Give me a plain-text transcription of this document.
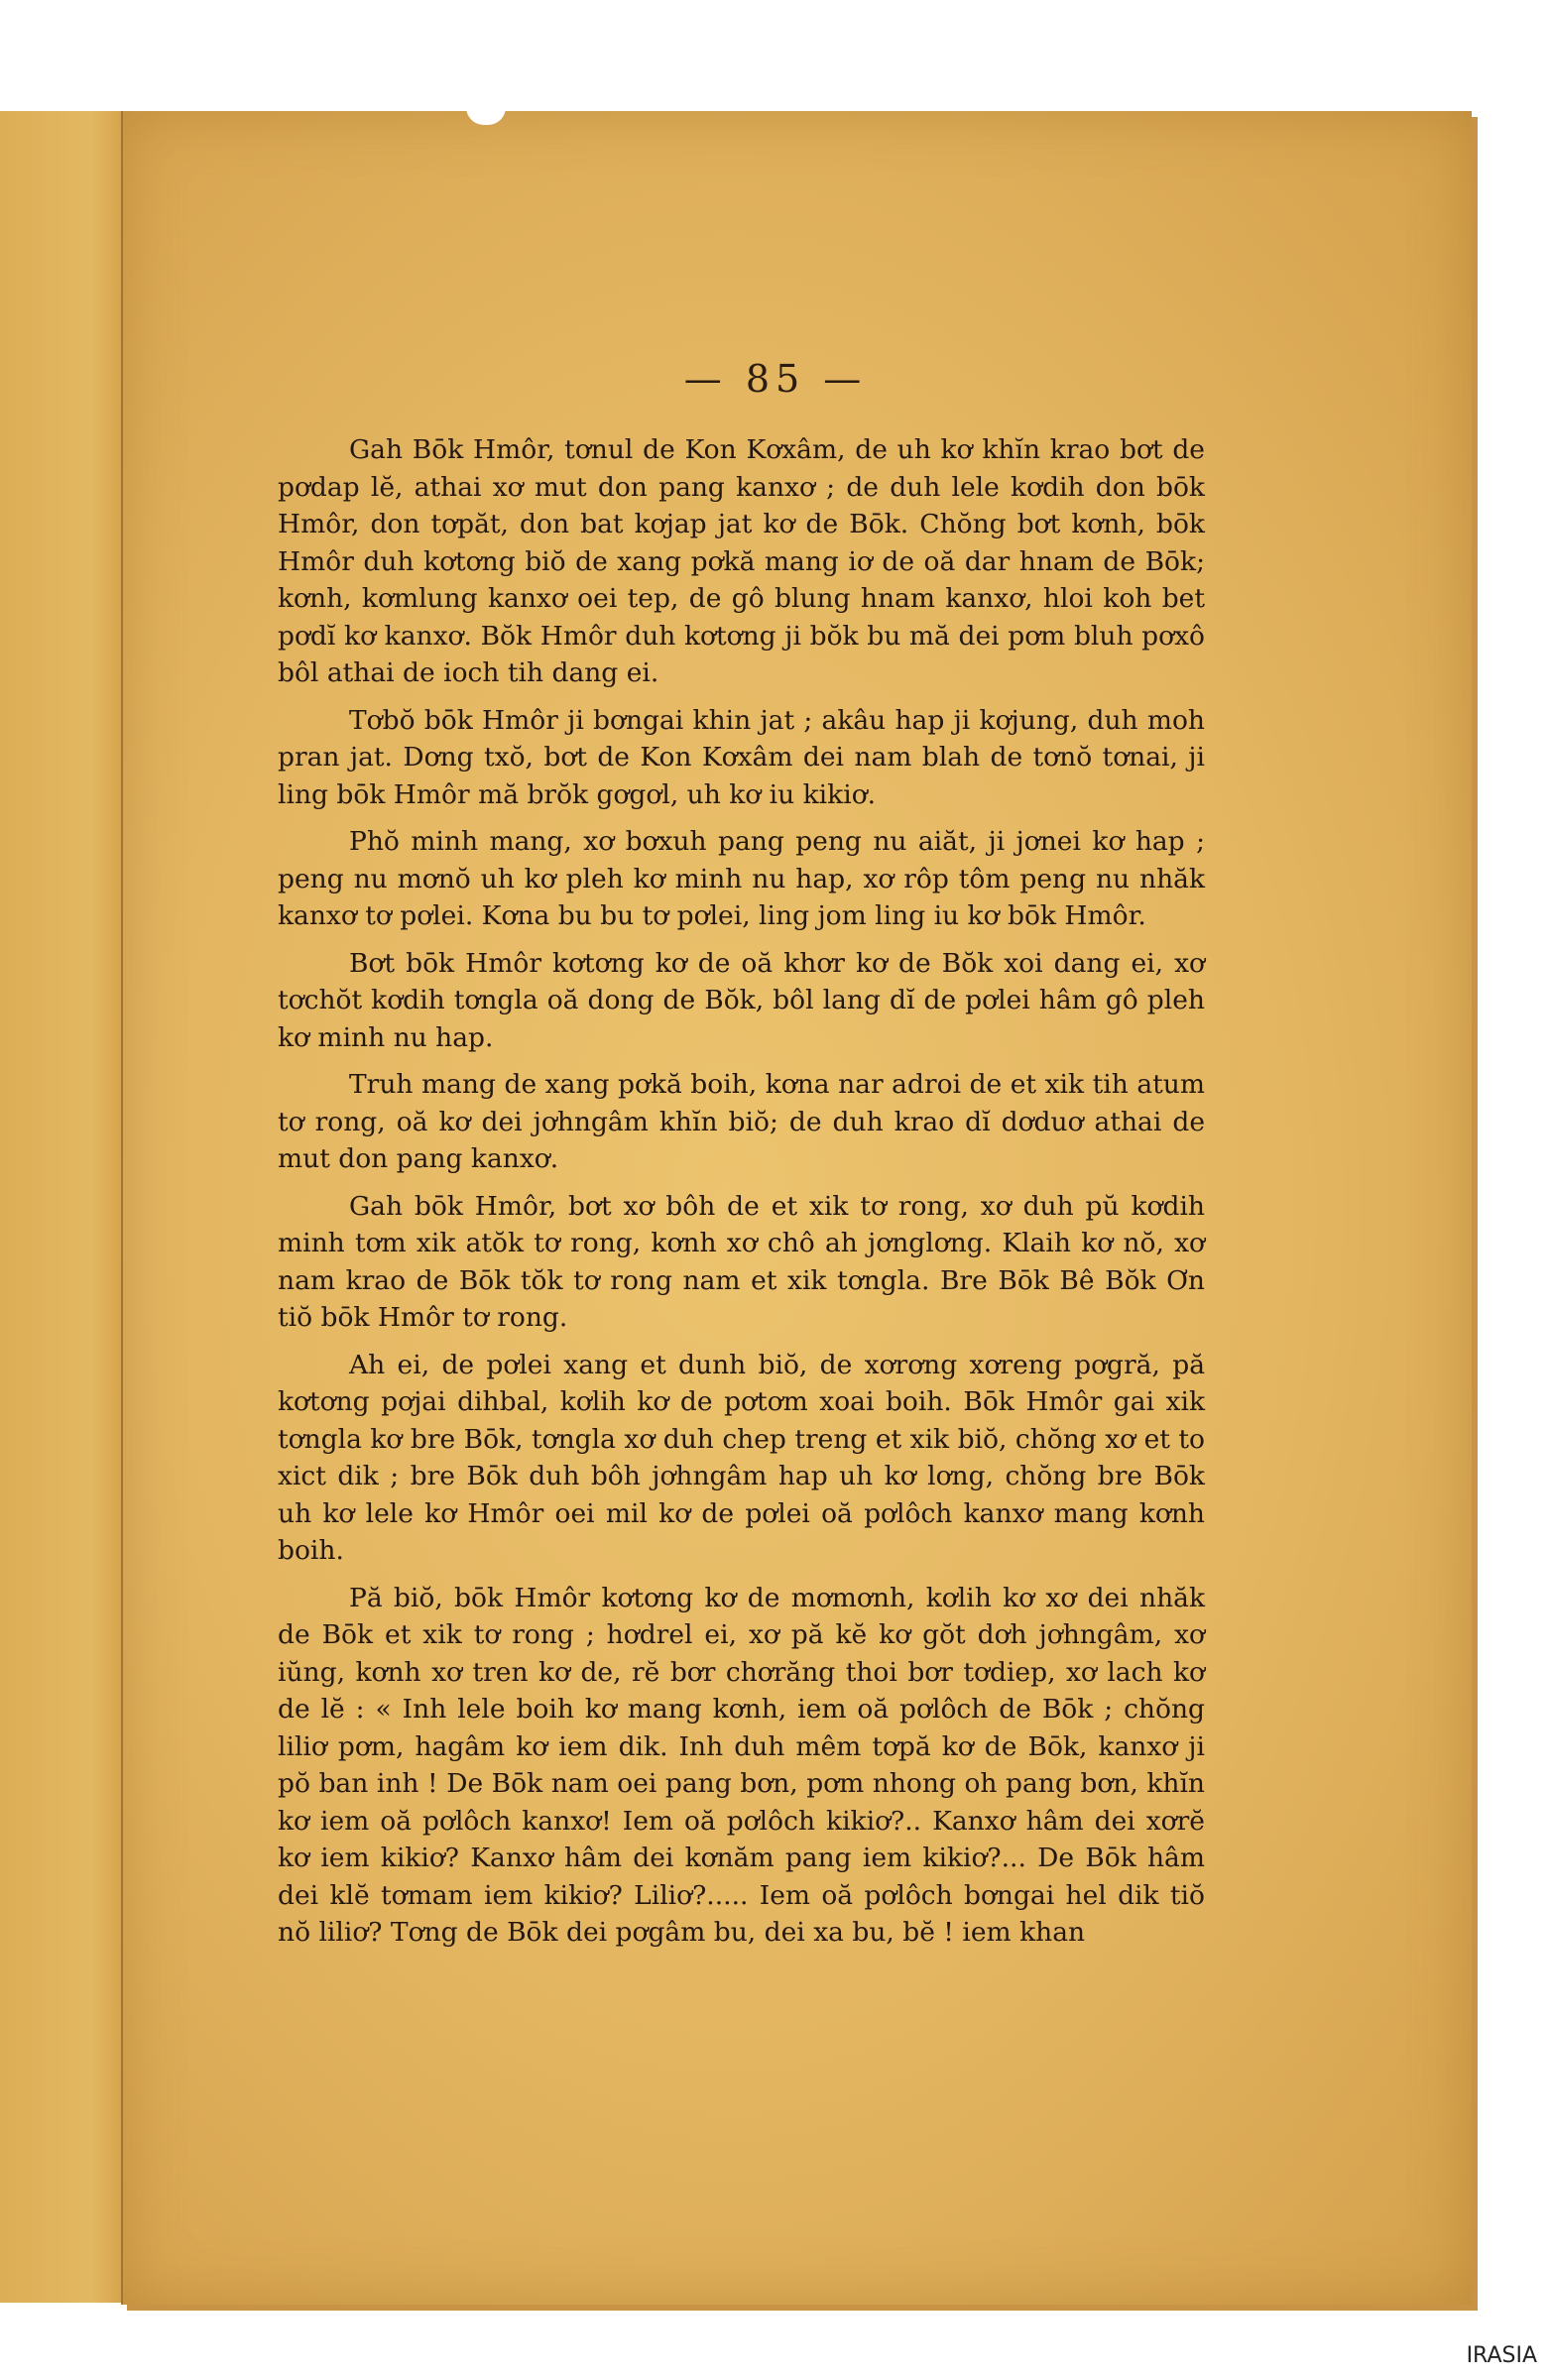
— 85 —

Gah Bōk Hmôr, tơnul de Kon Kơxâm, de uh kơ khĭn krao bơt de pơdap lĕ, athai xơ mut don pang kanxơ ; de duh lele kơdih don bōk Hmôr, don tơpăt, don bat kơjap jat kơ de Bōk. Chŏng bơt kơnh, bōk Hmôr duh kơtơng biŏ de xang pơkă mang iơ de oă dar hnam de Bōk; kơnh, kơmlung kanxơ oei tep, de gô blung hnam kanxơ, hloi koh bet pơdĭ kơ kanxơ. Bŏk Hmôr duh kơtơng ji bŏk bu mă dei pơm bluh pơxô bôl athai de ioch tih dang ei.

Tơbŏ bōk Hmôr ji bơngai khin jat ; akâu hap ji kơjung, duh moh pran jat. Dơng txŏ, bơt de Kon Kơxâm dei nam blah de tơnŏ tơnai, ji ling bōk Hmôr mă brŏk gơgơl, uh kơ iu kikiơ.

Phŏ minh mang, xơ bơxuh pang peng nu aiăt, ji jơnei kơ hap ; peng nu mơnŏ uh kơ pleh kơ minh nu hap, xơ rôp tôm peng nu nhăk kanxơ tơ pơlei. Kơna bu bu tơ pơlei, ling jom ling iu kơ bōk Hmôr.

Bơt bōk Hmôr kơtơng kơ de oă khơr kơ de Bŏk xoi dang ei, xơ tơchŏt kơdih tơngla oă dong de Bŏk, bôl lang dĭ de pơlei hâm gô pleh kơ minh nu hap.

Truh mang de xang pơkă boih, kơna nar adroi de et xik tih atum tơ rong, oă kơ dei jơhngâm khĭn biŏ; de duh krao dĭ dơduơ athai de mut don pang kanxơ.

Gah bōk Hmôr, bơt xơ bôh de et xik tơ rong, xơ duh pŭ kơdih minh tơm xik atŏk tơ rong, kơnh xơ chô ah jơnglơng. Klaih kơ nŏ, xơ nam krao de Bōk tŏk tơ rong nam et xik tơngla. Bre Bōk Bê Bŏk Ơn tiŏ bōk Hmôr tơ rong.

Ah ei, de pơlei xang et dunh biŏ, de xơrơng xơreng pơgră, pă kơtơng pơjai dihbal, kơlih kơ de pơtơm xoai boih. Bōk Hmôr gai xik tơngla kơ bre Bōk, tơngla xơ duh chep treng et xik biŏ, chŏng xơ et to xict dik ; bre Bōk duh bôh jơhngâm hap uh kơ lơng, chŏng bre Bōk uh kơ lele kơ Hmôr oei mil kơ de pơlei oă pơlôch kanxơ mang kơnh boih.

Pă biŏ, bōk Hmôr kơtơng kơ de mơmơnh, kơlih kơ xơ dei nhăk de Bōk et xik tơ rong ; hơdrel ei, xơ pă kĕ kơ gŏt dơh jơhngâm, xơ iŭng, kơnh xơ tren kơ de, rĕ bơr chơrăng thoi bơr tơdiep, xơ lach kơ de lĕ : « Inh lele boih kơ mang kơnh, iem oă pơlôch de Bōk ; chŏng liliơ pơm, hagâm kơ iem dik. Inh duh mêm tơpă kơ de Bōk, kanxơ ji pŏ ban inh ! De Bōk nam oei pang bơn, pơm nhong oh pang bơn, khĭn kơ iem oă pơlôch kanxơ! Iem oă pơlôch kikiơ?.. Kanxơ hâm dei xơrĕ kơ iem kikiơ? Kanxơ hâm dei kơnăm pang iem kikiơ?... De Bōk hâm dei klĕ tơmam iem kikiơ? Liliơ?..... Iem oă pơlôch bơngai hel dik tiŏ nŏ liliơ? Tơng de Bōk dei pơgâm bu, dei xa bu, bĕ ! iem khan

IRASIA
